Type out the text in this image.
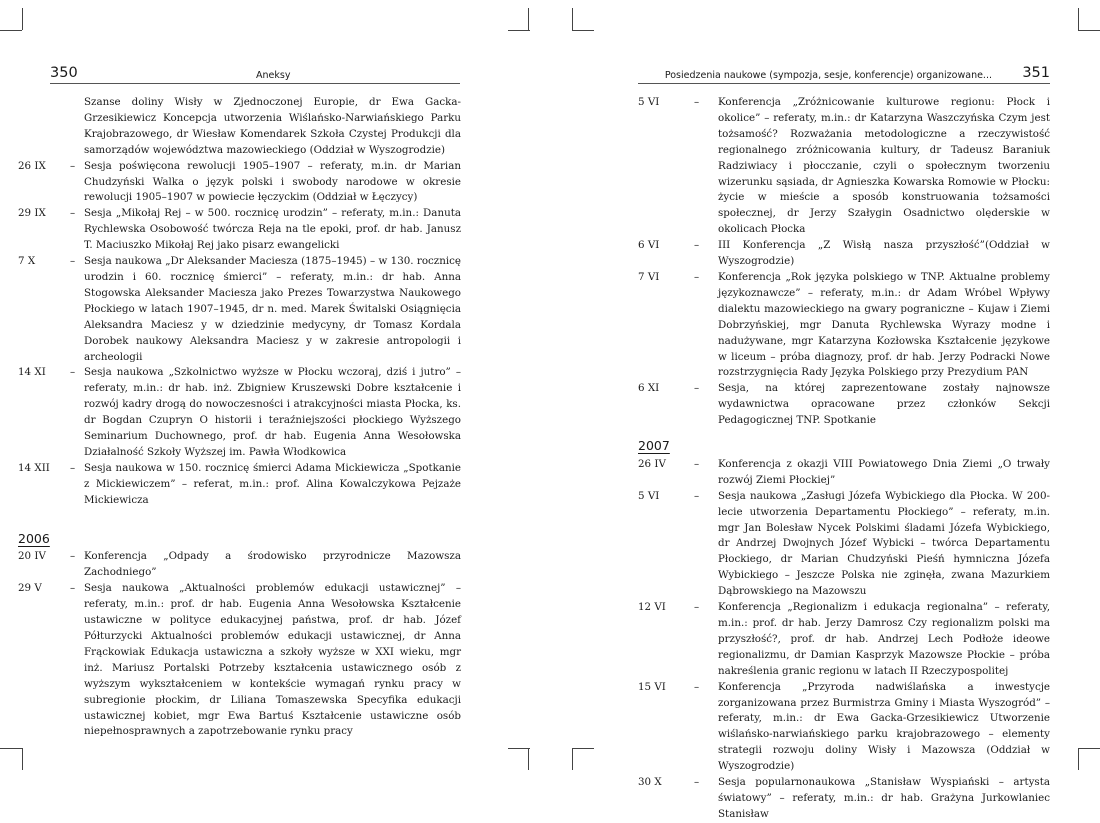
350	Aneksy
Szanse doliny Wisły w Zjednoczonej Europie, dr Ewa Gacka-Grzesikiewicz Koncepcja utworzenia Wiślańsko-Narwiańskiego Parku Krajobrazowego, dr Wiesław Komendarek Szkoła Czystej Produkcji dla samorządów województwa mazowieckiego (Oddział w Wyszogrodzie)
26 IX	– Sesja poświęcona rewolucji 1905–1907 – referaty, m.in. dr Marian Chudzyński Walka o język polski i swobody narodowe w okresie rewolucji 1905–1907 w powiecie łęczyckim (Oddział w Łęczycy)
29 IX	– Sesja „Mikołaj Rej – w 500. rocznicę urodzin” – referaty, m.in.: Danuta Rychlewska Osobowość twórcza Reja na tle epoki, prof. dr hab. Janusz T. Maciuszko Mikołaj Rej jako pisarz ewangelicki
7 X	– Sesja naukowa „Dr Aleksander Maciesza (1875–1945) – w 130. rocznicę urodzin i 60. rocznicę śmierci” – referaty, m.in.: dr hab. Anna Stogowska Aleksander Maciesza jako Prezes Towarzystwa Naukowego Płockiego w latach 1907–1945, dr n. med. Marek Świtalski Osiągnięcia Aleksandra Maciesz y w dziedzinie medycyny, dr Tomasz Kordala Dorobek naukowy Aleksandra Maciesz y w zakresie antropologii i archeologii
14 XI	– Sesja naukowa „Szkolnictwo wyższe w Płocku wczoraj, dziś i jutro” – referaty, m.in.: dr hab. inż. Zbigniew Kruszewski Dobre kształcenie i rozwój kadry drogą do nowoczesności i atrakcyjności miasta Płocka, ks. dr Bogdan Czupryn O historii i teraźniejszości płockiego Wyższego Seminarium Duchownego, prof. dr hab. Eugenia Anna Wesołowska Działalność Szkoły Wyższej im. Pawła Włodkowica
14 XII	– Sesja naukowa w 150. rocznicę śmierci Adama Mickiewicza „Spotkanie z Mickiewiczem” – referat, m.in.: prof. Alina Kowalczykowa Pejzaże Mickiewicza
2006
20 IV	– Konferencja „Odpady a środowisko przyrodnicze Mazowsza Zachodniego”
29 V	– Sesja naukowa „Aktualności problemów edukacji ustawicznej” – referaty, m.in.: prof. dr hab. Eugenia Anna Wesołowska Kształcenie ustawiczne w polityce edukacyjnej państwa, prof. dr hab. Józef Półturzycki Aktualności problemów edukacji ustawicznej, dr Anna Frąckowiak Edukacja ustawiczna a szkoły wyższe w XXI wieku, mgr inż. Mariusz Portalski Potrzeby kształcenia ustawicznego osób z wyższym wykształceniem w kontekście wymagań rynku pracy w subregionie płockim, dr Liliana Tomaszewska Specyfika edukacji ustawicznej kobiet, mgr Ewa Bartuś Kształcenie ustawiczne osób niepełnosprawnych a zapotrzebowanie rynku pracy
Posiedzenia naukowe (sympozja, sesje, konferencje) organizowane... 351
5 VI	– Konferencja „Zróżnicowanie kulturowe regionu: Płock i okolice” – referaty, m.in.: dr Katarzyna Waszczyńska Czym jest tożsamość? Rozważania metodologiczne a rzeczywistość regionalnego zróżnicowania kultury, dr Tadeusz Baraniuk Radziwiacy i płocczanie, czyli o społecznym tworzeniu wizerunku sąsiada, dr Agnieszka Kowarska Romowie w Płocku: życie w mieście a sposób konstruowania tożsamości społecznej, dr Jerzy Szałygin Osadnictwo olęderskie w okolicach Płocka
6 VI	– III Konferencja „Z Wisłą nasza przyszłość”(Oddział w Wyszogrodzie)
7 VI	– Konferencja „Rok języka polskiego w TNP. Aktualne problemy językoznawcze” – referaty, m.in.: dr Adam Wróbel Wpływy dialektu mazowieckiego na gwary pograniczne – Kujaw i Ziemi Dobrzyńskiej, mgr Danuta Rychlewska Wyrazy modne i nadużywane, mgr Katarzyna Kozłowska Kształcenie językowe w liceum – próba diagnozy, prof. dr hab. Jerzy Podracki Nowe rozstrzygnięcia Rady Języka Polskiego przy Prezydium PAN
6 XI	– Sesja, na której zaprezentowane zostały najnowsze wydawnictwa opracowane przez członków Sekcji Pedagogicznej TNP. Spotkanie
2007
26 IV	– Konferencja z okazji VIII Powiatowego Dnia Ziemi „O trwały rozwój Ziemi Płockiej”
5 VI	– Sesja naukowa „Zasługi Józefa Wybickiego dla Płocka. W 200-lecie utworzenia Departamentu Płockiego” – referaty, m.in. mgr Jan Bolesław Nycek Polskimi śladami Józefa Wybickiego, dr Andrzej Dwojnych Józef Wybicki – twórca Departamentu Płockiego, dr Marian Chudzyński Pieśń hymniczna Józefa Wybickiego – Jeszcze Polska nie zginęła, zwana Mazurkiem Dąbrowskiego na Mazowszu
12 VI	– Konferencja „Regionalizm i edukacja regionalna” – referaty, m.in.: prof. dr hab. Jerzy Damrosz Czy regionalizm polski ma przyszłość?, prof. dr hab. Andrzej Lech Podłoże ideowe regionalizmu, dr Damian Kasprzyk Mazowsze Płockie – próba nakreślenia granic regionu w latach II Rzeczypospolitej
15 VI	– Konferencja „Przyroda nadwiślańska a inwestycje zorganizowana przez Burmistrza Gminy i Miasta Wyszogród” – referaty, m.in.: dr Ewa Gacka-Grzesikiewicz Utworzenie wiślańsko-narwiańskiego parku krajobrazowego – elementy strategii rozwoju doliny Wisły i Mazowsza (Oddział w Wyszogrodzie)
30 X	– Sesja popularnonaukowa „Stanisław Wyspiański – artysta światowy” – referaty, m.in.: dr hab. Grażyna Jurkowlaniec Stanisław
